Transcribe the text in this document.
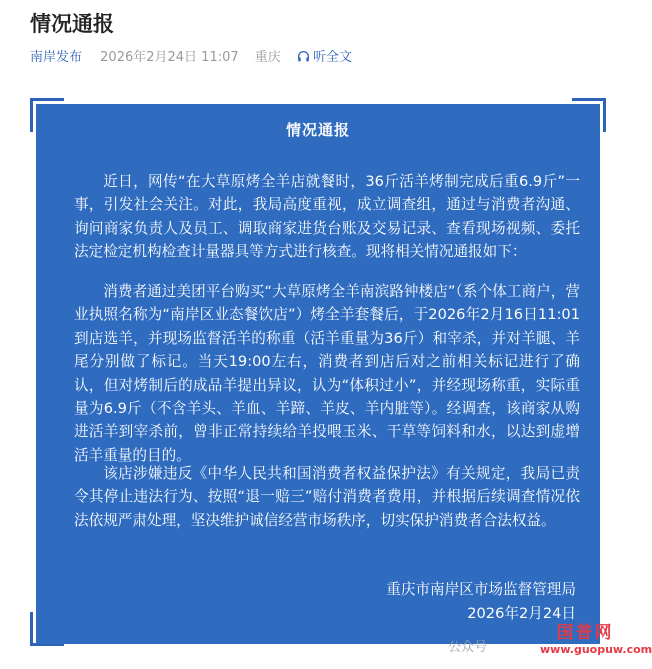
情况通报
南岸发布 2026年2月24日 11:07 重庆 听全文
情况通报

近日，网传“在大草原烤全羊店就餐时，36斤活羊烤制完成后重6.9斤”一事，引发社会关注。对此，我局高度重视，成立调查组，通过与消费者沟通、询问商家负责人及员工、调取商家进货台账及交易记录、查看现场视频、委托法定检定机构检查计量器具等方式进行核查。现将相关情况通报如下：

消费者通过美团平台购买“大草原烤全羊南滨路钟楼店”（系个体工商户，营业执照名称为“南岸区业态餐饮店”）烤全羊套餐后，于2026年2月16日11:01到店选羊，并现场监督活羊的称重（活羊重量为36斤）和宰杀，并对羊腿、羊尾分别做了标记。当天19:00左右，消费者到店后对之前相关标记进行了确认，但对烤制后的成品羊提出异议，认为“体积过小”，并经现场称重，实际重量为6.9斤（不含羊头、羊血、羊蹄、羊皮、羊内脏等）。经调查，该商家从购进活羊到宰杀前，曾非正常持续给羊投喂玉米、干草等饲料和水，以达到虚增活羊重量的目的。

该店涉嫌违反《中华人民共和国消费者权益保护法》有关规定，我局已责令其停止违法行为、按照“退一赔三”赔付消费者费用，并根据后续调查情况依法依规严肃处理，坚决维护诚信经营市场秩序，切实保护消费者合法权益。

重庆市南岸区市场监督管理局
2026年2月24日
公众号
国普网
www.guopuw.com
